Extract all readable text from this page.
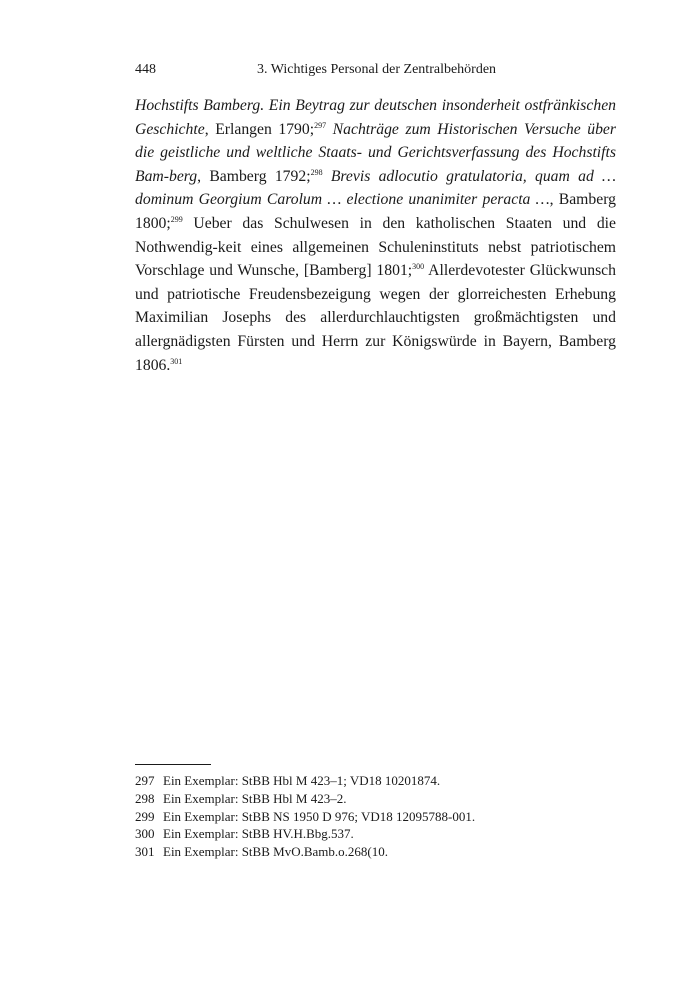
448	3. Wichtiges Personal der Zentralbehörden
Hochstifts Bamberg. Ein Beytrag zur deutschen insonderheit ostfränkischen Geschichte, Erlangen 1790;$^{297}$ Nachträge zum Historischen Versuche über die geistliche und weltliche Staats- und Gerichtsverfassung des Hochstifts Bam-berg, Bamberg 1792;$^{298}$ Brevis adlocutio gratulatoria, quam ad … dominum Georgium Carolum … electione unanimiter peracta …, Bamberg 1800;$^{299}$ Ueber das Schulwesen in den katholischen Staaten und die Nothwendig-keit eines allgemeinen Schuleninstituts nebst patriotischem Vorschlage und Wunsche, [Bamberg] 1801;$^{300}$ Allerdevotester Glückwunsch und patriotische Freudensbezeigung wegen der glorreichesten Erhebung Maximilian Josephs des allerdurchlauchtigsten großmächtigsten und allergnädigsten Fürsten und Herrn zur Königswürde in Bayern, Bamberg 1806.$^{301}$
297 Ein Exemplar: StBB Hbl M 423–1; VD18 10201874.
298 Ein Exemplar: StBB Hbl M 423–2.
299 Ein Exemplar: StBB NS 1950 D 976; VD18 12095788-001.
300 Ein Exemplar: StBB HV.H.Bbg.537.
301 Ein Exemplar: StBB MvO.Bamb.o.268(10.
